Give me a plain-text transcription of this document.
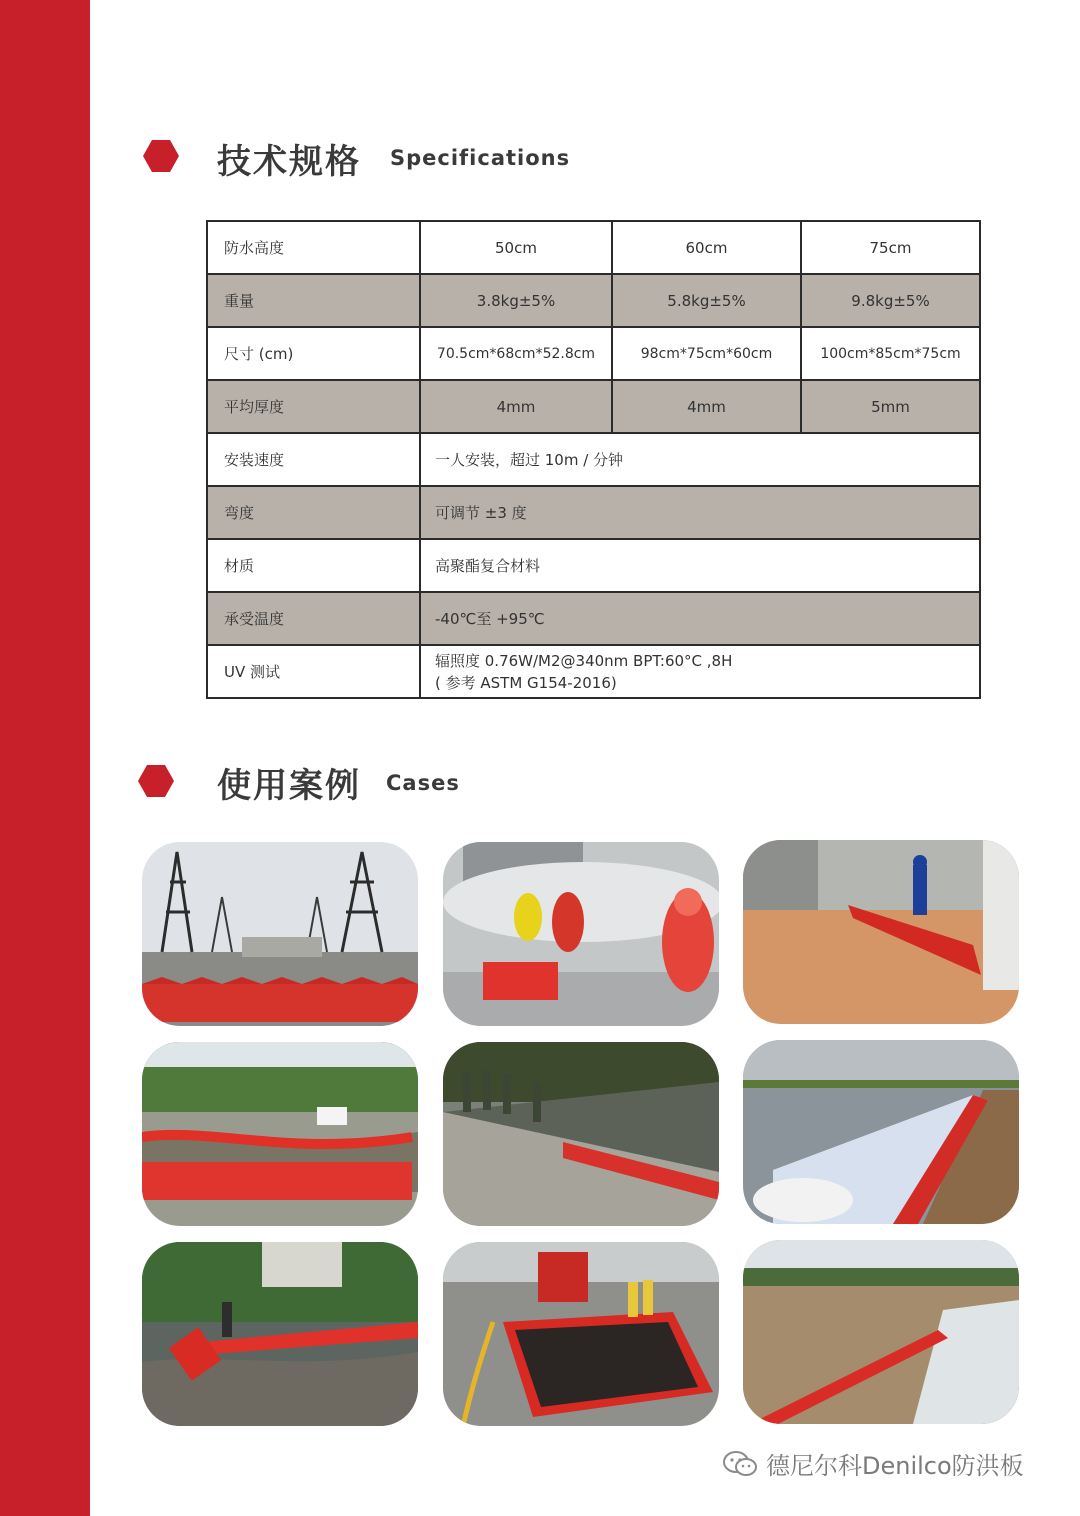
技术规格 Specifications
防水高度	50cm	60cm	75cm
重量	3.8kg±5%	5.8kg±5%	9.8kg±5%
尺寸 (cm)	70.5cm*68cm*52.8cm	98cm*75cm*60cm	100cm*85cm*75cm
平均厚度	4mm	4mm	5mm
安装速度	一人安装，超过 10m / 分钟		
弯度	可调节 ±3 度		
材质	高聚酯复合材料		
承受温度	-40℃至 +95℃		
UV 测试	辐照度 0.76W/M2@340nm BPT:60°C ,8H
( 参考 ASTM G154-2016)		
使用案例 Cases
德尼尔科Denilco防洪板
